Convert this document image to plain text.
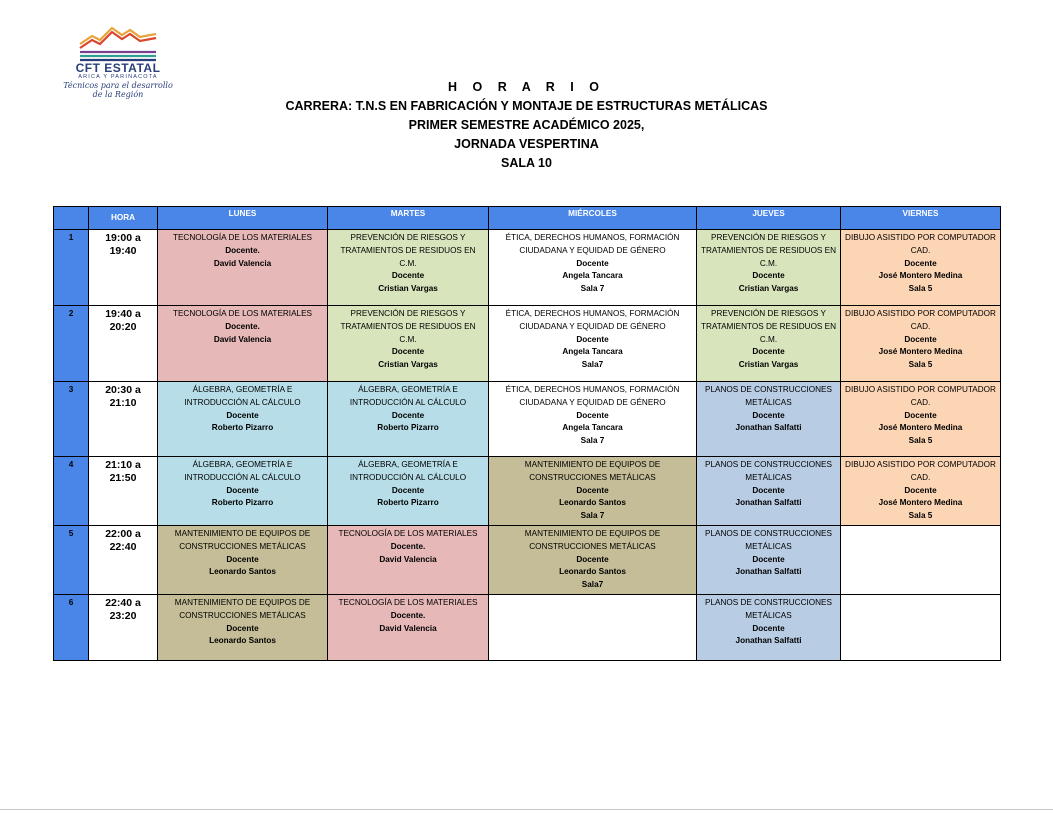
CFT ESTATAL
ARICA Y PARINACOTA
Técnicos para el desarrollo
de la Región
H O R A R I O
CARRERA: T.N.S EN FABRICACIÓN Y MONTAJE DE ESTRUCTURAS METÁLICAS
PRIMER SEMESTRE ACADÉMICO 2025,
JORNADA VESPERTINA
SALA 10
	HORA	LUNES	MARTES	MIÉRCOLES	JUEVES	VIERNES
1	19:00 a
19:40	TECNOLOGÍA DE LOS MATERIALES
Docente.
David Valencia	PREVENCIÓN DE RIESGOS Y TRATAMIENTOS DE RESIDUOS EN C.M.
Docente
Cristian Vargas	ÉTICA, DERECHOS HUMANOS, FORMACIÓN CIUDADANA Y EQUIDAD DE GÉNERO
Docente
Angela Tancara
Sala 7	PREVENCIÓN DE RIESGOS Y TRATAMIENTOS DE RESIDUOS EN C.M.
Docente
Cristian Vargas	DIBUJO ASISTIDO POR COMPUTADOR CAD.
Docente
José Montero Medina
Sala 5

2	19:40 a
20:20	TECNOLOGÍA DE LOS MATERIALES
Docente.
David Valencia	PREVENCIÓN DE RIESGOS Y TRATAMIENTOS DE RESIDUOS EN C.M.
Docente
Cristian Vargas	ÉTICA, DERECHOS HUMANOS, FORMACIÓN CIUDADANA Y EQUIDAD DE GÉNERO
Docente
Angela Tancara
Sala7	PREVENCIÓN DE RIESGOS Y TRATAMIENTOS DE RESIDUOS EN C.M.
Docente
Cristian Vargas	DIBUJO ASISTIDO POR COMPUTADOR CAD.
Docente
José Montero Medina
Sala 5

3	20:30 a
21:10	ÁLGEBRA, GEOMETRÍA E INTRODUCCIÓN AL CÁLCULO
Docente
Roberto Pizarro	ÁLGEBRA, GEOMETRÍA E INTRODUCCIÓN AL CÁLCULO
Docente
Roberto Pizarro	ÉTICA, DERECHOS HUMANOS, FORMACIÓN CIUDADANA Y EQUIDAD DE GÉNERO
Docente
Angela Tancara
Sala 7	PLANOS DE CONSTRUCCIONES METÁLICAS
Docente
Jonathan Salfatti	DIBUJO ASISTIDO POR COMPUTADOR CAD.
Docente
José Montero Medina
Sala 5

4	21:10 a
21:50	ÁLGEBRA, GEOMETRÍA E INTRODUCCIÓN AL CÁLCULO
Docente
Roberto Pizarro	ÁLGEBRA, GEOMETRÍA E INTRODUCCIÓN AL CÁLCULO
Docente
Roberto Pizarro	MANTENIMIENTO DE EQUIPOS DE CONSTRUCCIONES METÁLICAS
Docente
Leonardo Santos
Sala 7	PLANOS DE CONSTRUCCIONES METÁLICAS
Docente
Jonathan Salfatti	DIBUJO ASISTIDO POR COMPUTADOR CAD.
Docente
José Montero Medina
Sala 5

5	22:00 a
22:40	MANTENIMIENTO DE EQUIPOS DE CONSTRUCCIONES METÁLICAS
Docente
Leonardo Santos	TECNOLOGÍA DE LOS MATERIALES
Docente.
David Valencia	MANTENIMIENTO DE EQUIPOS DE CONSTRUCCIONES METÁLICAS
Docente
Leonardo Santos
Sala7	PLANOS DE CONSTRUCCIONES METÁLICAS
Docente
Jonathan Salfatti	

6	22:40 a
23:20	MANTENIMIENTO DE EQUIPOS DE CONSTRUCCIONES METÁLICAS
Docente
Leonardo Santos	TECNOLOGÍA DE LOS MATERIALES
Docente.
David Valencia		PLANOS DE CONSTRUCCIONES METÁLICAS
Docente
Jonathan Salfatti	
